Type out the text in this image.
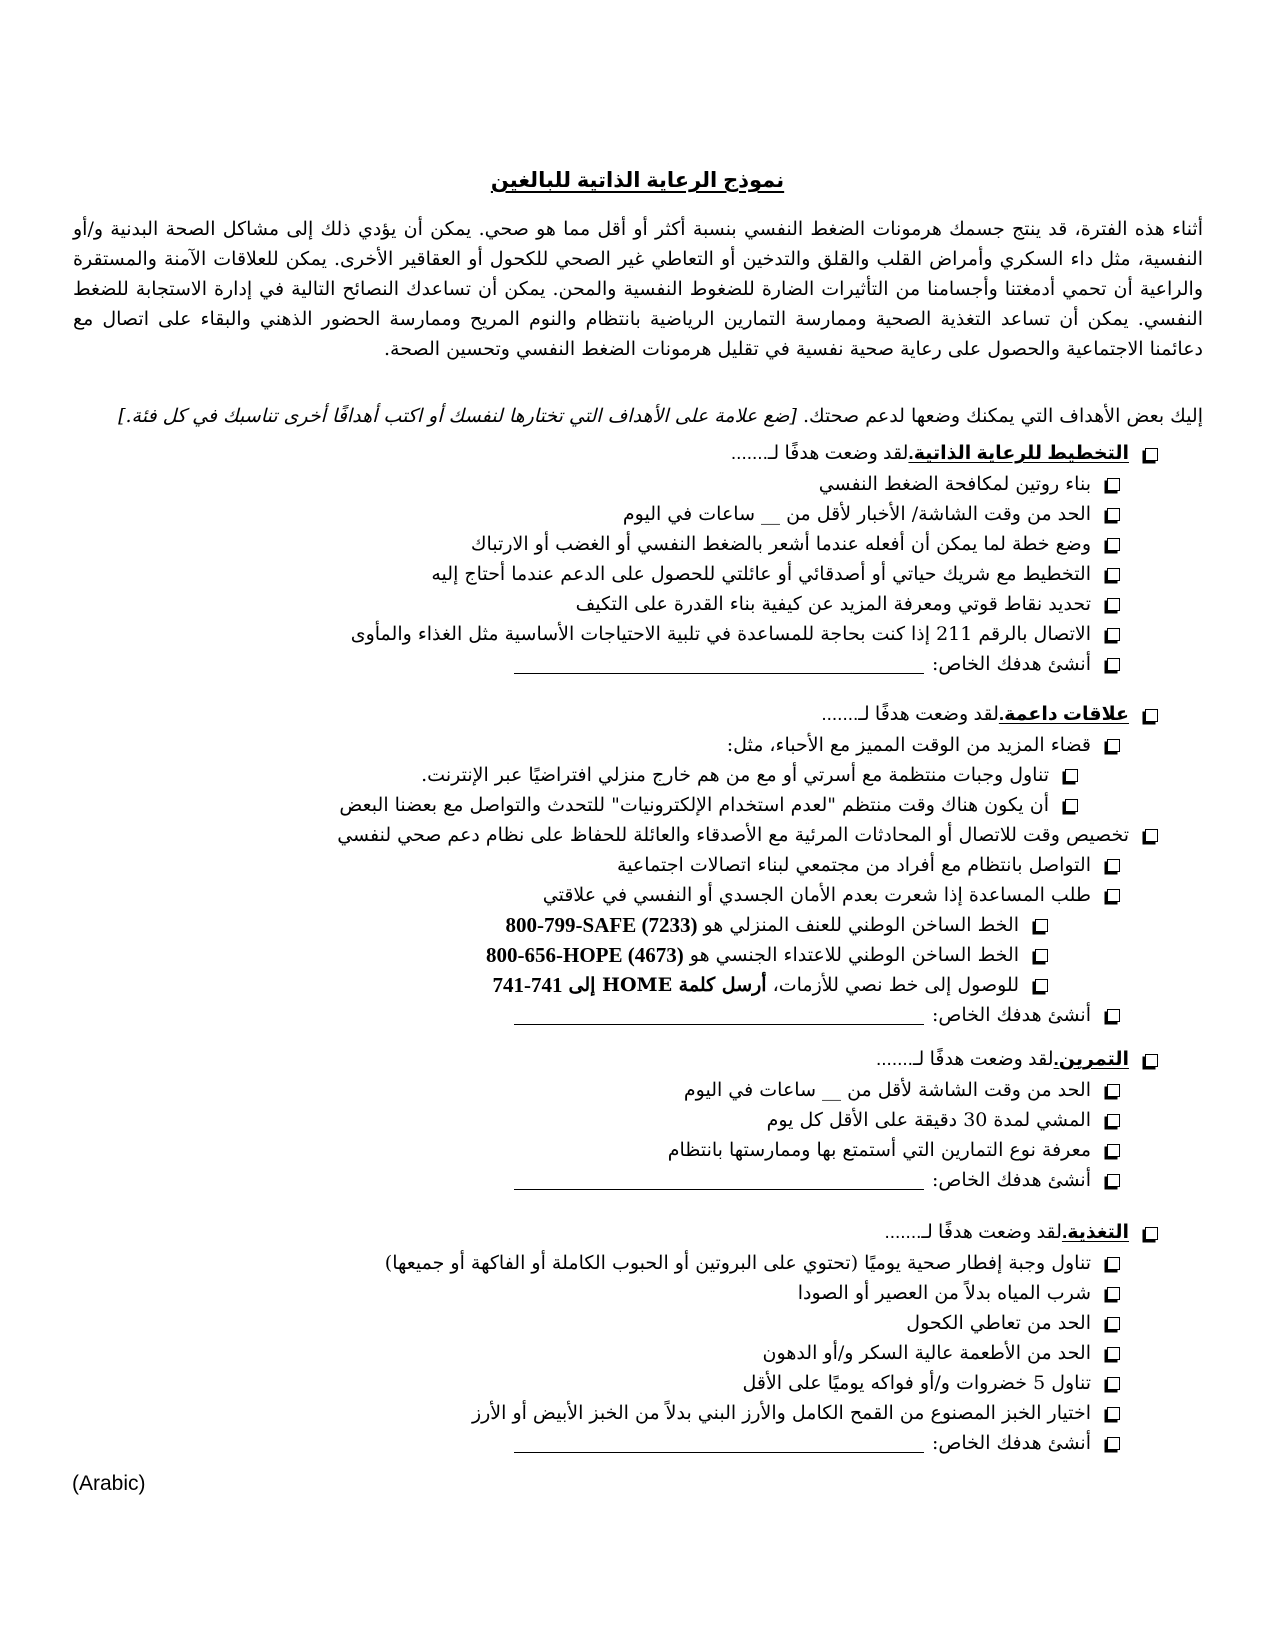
نموذج الرعاية الذاتية للبالغين

أثناء هذه الفترة، قد ينتج جسمك هرمونات الضغط النفسي بنسبة أكثر أو أقل مما هو صحي. يمكن أن يؤدي ذلك إلى مشاكل الصحة البدنية و/أو النفسية، مثل داء السكري وأمراض القلب والقلق والتدخين أو التعاطي غير الصحي للكحول أو العقاقير الأخرى. يمكن للعلاقات الآمنة والمستقرة والراعية أن تحمي أدمغتنا وأجسامنا من التأثيرات الضارة للضغوط النفسية والمحن. يمكن أن تساعدك النصائح التالية في إدارة الاستجابة للضغط النفسي. يمكن أن تساعد التغذية الصحية وممارسة التمارين الرياضية بانتظام والنوم المريح وممارسة الحضور الذهني والبقاء على اتصال مع دعائمنا الاجتماعية والحصول على رعاية صحية نفسية في تقليل هرمونات الضغط النفسي وتحسين الصحة.

إليك بعض الأهداف التي يمكنك وضعها لدعم صحتك. [ضع علامة على الأهداف التي تختارها لنفسك أو اكتب أهدافًا أخرى تناسبك في كل فئة.]
التخطيط للرعاية الذاتية.
لقد وضعت هدفًا لـ.......
بناء روتين لمكافحة الضغط النفسي
الحد من وقت الشاشة/ الأخبار لأقل من __ ساعات في اليوم
وضع خطة لما يمكن أن أفعله عندما أشعر بالضغط النفسي أو الغضب أو الارتباك
التخطيط مع شريك حياتي أو أصدقائي أو عائلتي للحصول على الدعم عندما أحتاج إليه
تحديد نقاط قوتي ومعرفة المزيد عن كيفية بناء القدرة على التكيف
الاتصال بالرقم 211 إذا كنت بحاجة للمساعدة في تلبية الاحتياجات الأساسية مثل الغذاء والمأوى
أنشئ هدفك الخاص:
علاقات داعمة.
لقد وضعت هدفًا لـ.......
قضاء المزيد من الوقت المميز مع الأحباء، مثل:
تناول وجبات منتظمة مع أسرتي أو مع من هم خارج منزلي افتراضيًا عبر الإنترنت.
أن يكون هناك وقت منتظم "لعدم استخدام الإلكترونيات" للتحدث والتواصل مع بعضنا البعض
تخصيص وقت للاتصال أو المحادثات المرئية مع الأصدقاء والعائلة للحفاظ على نظام دعم صحي لنفسي
التواصل بانتظام مع أفراد من مجتمعي لبناء اتصالات اجتماعية
طلب المساعدة إذا شعرت بعدم الأمان الجسدي أو النفسي في علاقتي
الخط الساخن الوطني للعنف المنزلي هو
800-799-SAFE (7233)
الخط الساخن الوطني للاعتداء الجنسي هو
800-656-HOPE (4673)
للوصول إلى خط نصي للأزمات،

أرسل كلمة HOME إلى
741-741
أنشئ هدفك الخاص:
التمرين.
لقد وضعت هدفًا لـ.......
الحد من وقت الشاشة لأقل من __ ساعات في اليوم
المشي لمدة 30 دقيقة على الأقل كل يوم
معرفة نوع التمارين التي أستمتع بها وممارستها بانتظام
أنشئ هدفك الخاص:
التغذية.
لقد وضعت هدفًا لـ.......
تناول وجبة إفطار صحية يوميًا (تحتوي على البروتين أو الحبوب الكاملة أو الفاكهة أو جميعها)
شرب المياه بدلاً من العصير أو الصودا
الحد من تعاطي الكحول
الحد من الأطعمة عالية السكر و/أو الدهون
تناول 5 خضروات و/أو فواكه يوميًا على الأقل
اختيار الخبز المصنوع من القمح الكامل والأرز البني بدلاً من الخبز الأبيض أو الأرز
أنشئ هدفك الخاص:
(Arabic)
